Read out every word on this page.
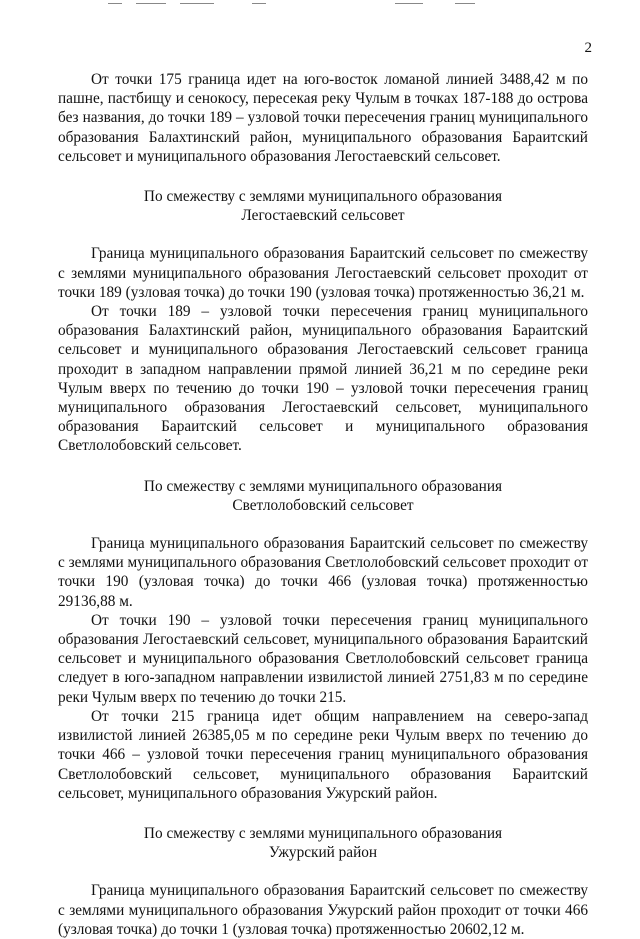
2

От точки 175 граница идет на юго-восток ломаной линией 3488,42 м по пашне, пастбищу и сенокосу, пересекая реку Чулым в точках 187-188 до острова без названия, до точки 189 – узловой точки пересечения границ муниципального образования Балахтинский район, муниципального образования Бараитский сельсовет и муниципального образования Легостаевский сельсовет.

По смежеству с землями муниципального образования
Легостаевский сельсовет

Граница муниципального образования Бараитский сельсовет по смежеству с землями муниципального образования Легостаевский сельсовет проходит от точки 189 (узловая точка) до точки 190 (узловая точка) протяженностью 36,21 м.

От точки 189 – узловой точки пересечения границ муниципального образования Балахтинский район, муниципального образования Бараитский сельсовет и муниципального образования Легостаевский сельсовет граница проходит в западном направлении прямой линией 36,21 м по середине реки Чулым вверх по течению до точки 190 – узловой точки пересечения границ муниципального образования Легостаевский сельсовет, муниципального образования Бараитский сельсовет и муниципального образования Светлолобовский сельсовет.

По смежеству с землями муниципального образования
Светлолобовский сельсовет

Граница муниципального образования Бараитский сельсовет по смежеству с землями муниципального образования Светлолобовский сельсовет проходит от точки 190 (узловая точка) до точки 466 (узловая точка) протяженностью 29136,88 м.

От точки 190 – узловой точки пересечения границ муниципального образования Легостаевский сельсовет, муниципального образования Бараитский сельсовет и муниципального образования Светлолобовский сельсовет граница следует в юго-западном направлении извилистой линией 2751,83 м по середине реки Чулым вверх по течению до точки 215.

От точки 215 граница идет общим направлением на северо-запад извилистой линией 26385,05 м по середине реки Чулым вверх по течению до точки 466 – узловой точки пересечения границ муниципального образования Светлолобовский сельсовет, муниципального образования Бараитский сельсовет, муниципального образования Ужурский район.

По смежеству с землями муниципального образования
Ужурский район

Граница муниципального образования Бараитский сельсовет по смежеству с землями муниципального образования Ужурский район проходит от точки 466 (узловая точка) до точки 1 (узловая точка) протяженностью 20602,12 м.
